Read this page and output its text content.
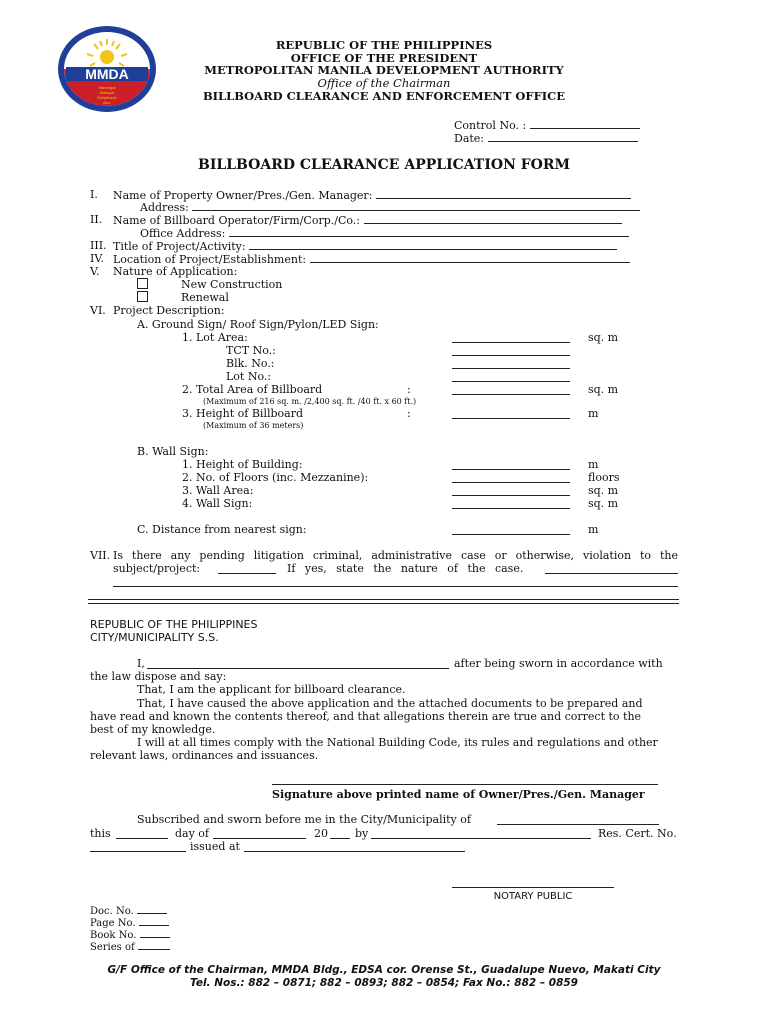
MMDA
Marangal
Matapat
Disiplinado
Ako.
REPUBLIC OF THE PHILIPPINES
OFFICE OF THE PRESIDENT
METROPOLITAN MANILA DEVELOPMENT AUTHORITY
Office of the Chairman
BILLBOARD CLEARANCE AND ENFORCEMENT OFFICE
Control No. :
Date:
BILLBOARD CLEARANCE APPLICATION FORM
I. Name of Property Owner/Pres./Gen. Manager:
Address:
II. Name of Billboard Operator/Firm/Corp./Co.:
Office Address:
III. Title of Project/Activity:
IV. Location of Project/Establishment:
V. Nature of Application:
New Construction
Renewal
VI. Project Description:
A. Ground Sign/ Roof Sign/Pylon/LED Sign:
1. Lot Area:	sq. m
TCT No.:
Blk. No.:
Lot No.:
2. Total Area of Billboard	:	sq. m
(Maximum of 216 sq. m. /2,400 sq. ft. /40 ft. x 60 ft.)
3. Height of Billboard	:	m
(Maximum of 36 meters)
B. Wall Sign:
1. Height of Building:	m
2. No. of Floors (inc. Mezzanine):	floors
3. Wall Area:	sq. m
4. Wall Sign:	sq. m
C. Distance from nearest sign:	m
VII. Is there any pending litigation criminal, administrative case or otherwise, violation to the
subject/project:	If yes, state the nature of the case.
REPUBLIC OF THE PHILIPPINES
CITY/MUNICIPALITY S.S.
I,	after being sworn in accordance with
the law dispose and say:
That, I am the applicant for billboard clearance.
That, I have caused the above application and the attached documents to be prepared and
have read and known the contents thereof, and that allegations therein are true and correct to the
best of my knowledge.
I will at all times comply with the National Building Code, its rules and regulations and other
relevant laws, ordinances and issuances.
Signature above printed name of Owner/Pres./Gen. Manager
Subscribed and sworn before me in the City/Municipality of
this	day of	20 by	Res. Cert. No.
issued at
NOTARY PUBLIC
Doc. No.
Page No.
Book No.
Series of
G/F Office of the Chairman, MMDA Bldg., EDSA cor. Orense St., Guadalupe Nuevo, Makati City
Tel. Nos.: 882 – 0871; 882 – 0893; 882 – 0854; Fax No.: 882 – 0859
